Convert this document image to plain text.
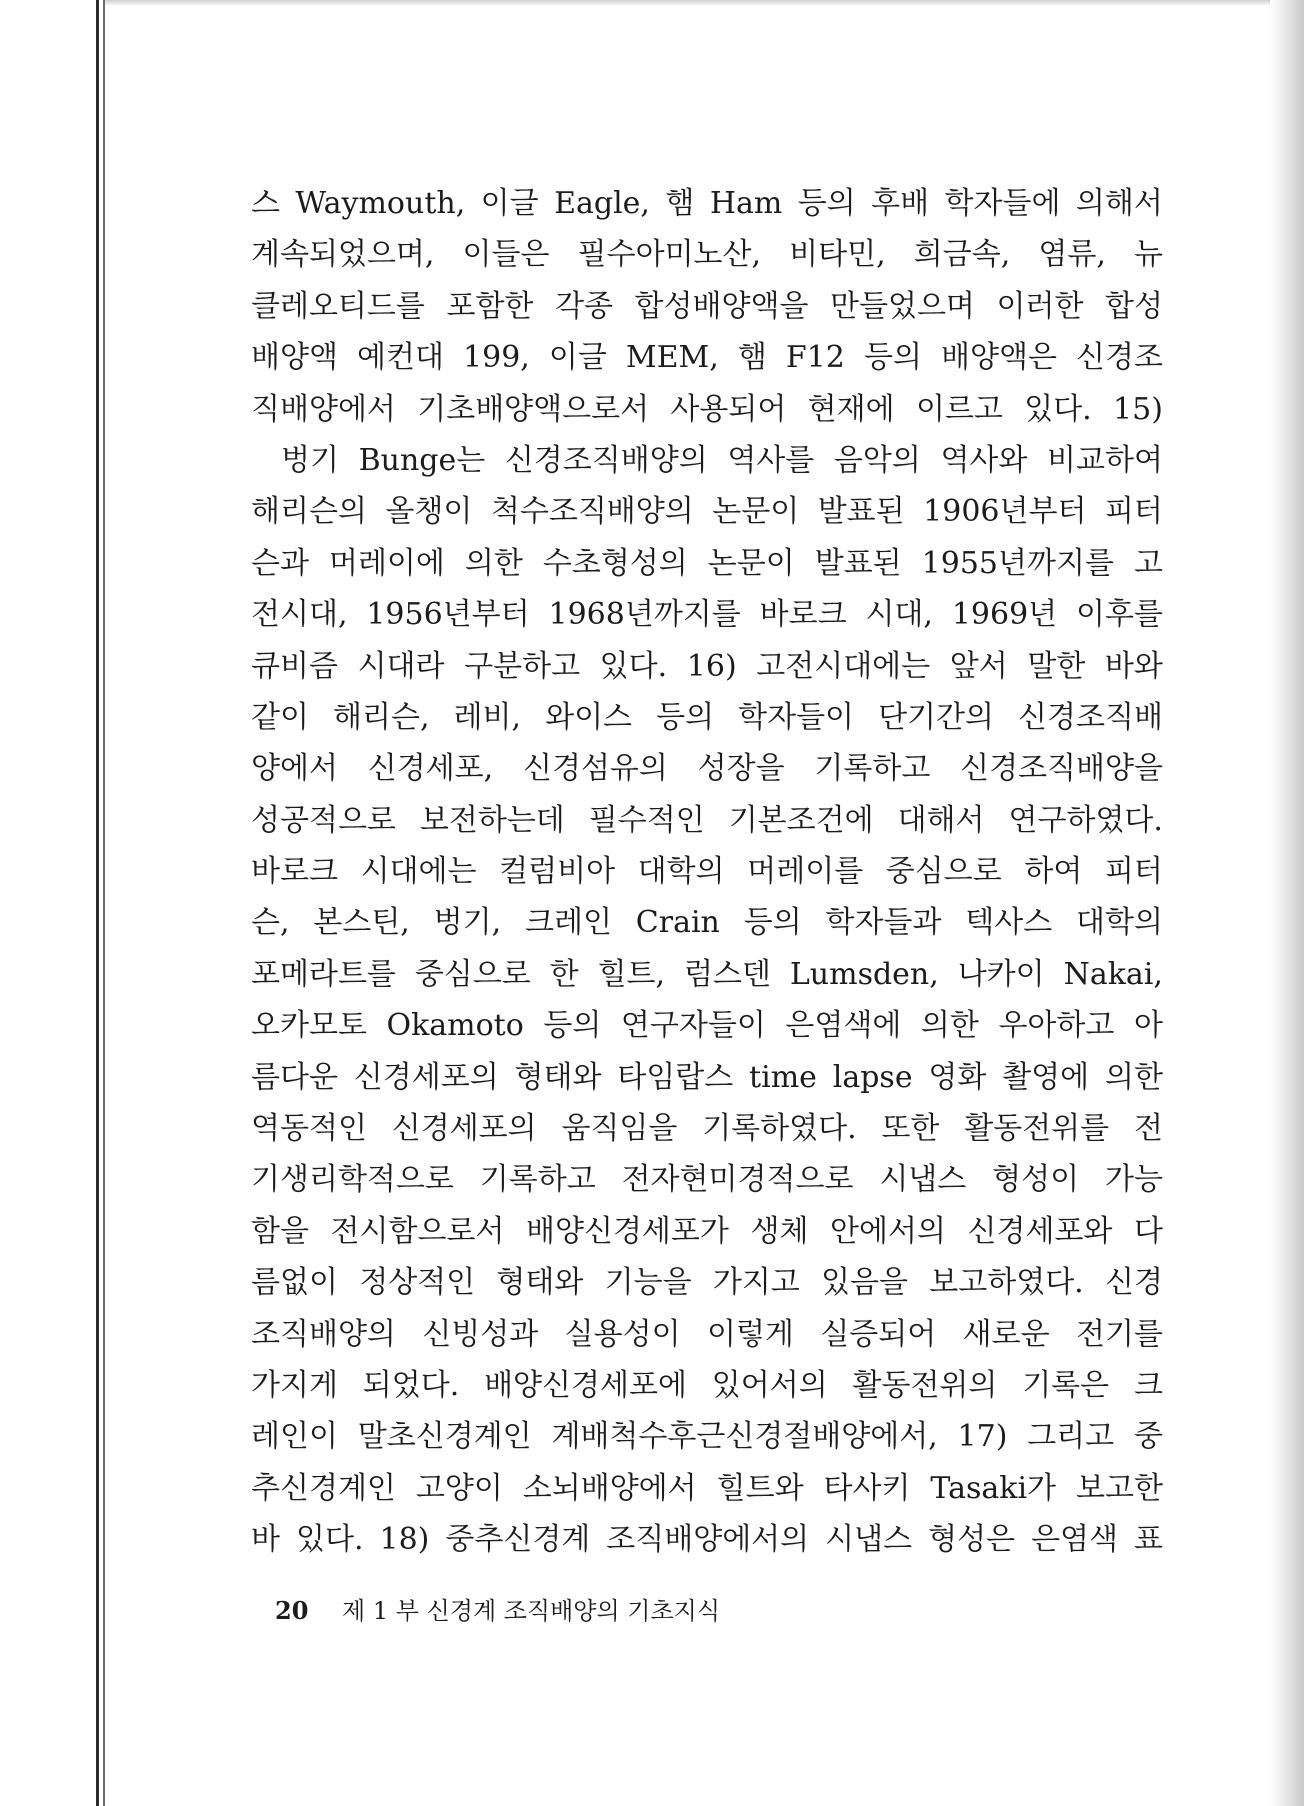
스 Waymouth, 이글 Eagle, 햄 Ham 등의 후배 학자들에 의해서
계속되었으며, 이들은 필수아미노산, 비타민, 희금속, 염류, 뉴
클레오티드를 포함한 각종 합성배양액을 만들었으며 이러한 합성
배양액 예컨대 199, 이글 MEM, 햄 F12 등의 배양액은 신경조
직배양에서 기초배양액으로서 사용되어 현재에 이르고 있다. 15)
벙기 Bunge는 신경조직배양의 역사를 음악의 역사와 비교하여
해리슨의 올챙이 척수조직배양의 논문이 발표된 1906년부터 피터
슨과 머레이에 의한 수초형성의 논문이 발표된 1955년까지를 고
전시대, 1956년부터 1968년까지를 바로크 시대, 1969년 이후를
큐비즘 시대라 구분하고 있다. 16) 고전시대에는 앞서 말한 바와
같이 해리슨, 레비, 와이스 등의 학자들이 단기간의 신경조직배
양에서 신경세포, 신경섬유의 성장을 기록하고 신경조직배양을
성공적으로 보전하는데 필수적인 기본조건에 대해서 연구하였다.
바로크 시대에는 컬럼비아 대학의 머레이를 중심으로 하여 피터
슨, 본스틴, 벙기, 크레인 Crain 등의 학자들과 텍사스 대학의
포메라트를 중심으로 한 힐트, 럼스덴 Lumsden, 나카이 Nakai,
오카모토 Okamoto 등의 연구자들이 은염색에 의한 우아하고 아
름다운 신경세포의 형태와 타임랍스 time lapse 영화 촬영에 의한
역동적인 신경세포의 움직임을 기록하였다. 또한 활동전위를 전
기생리학적으로 기록하고 전자현미경적으로 시냅스 형성이 가능
함을 전시함으로서 배양신경세포가 생체 안에서의 신경세포와 다
름없이 정상적인 형태와 기능을 가지고 있음을 보고하였다. 신경
조직배양의 신빙성과 실용성이 이렇게 실증되어 새로운 전기를
가지게 되었다. 배양신경세포에 있어서의 활동전위의 기록은 크
레인이 말초신경계인 계배척수후근신경절배양에서, 17) 그리고 중
추신경계인 고양이 소뇌배양에서 힐트와 타사키 Tasaki가 보고한
바 있다. 18) 중추신경계 조직배양에서의 시냅스 형성은 은염색 표
20 제 1 부 신경계 조직배양의 기초지식
